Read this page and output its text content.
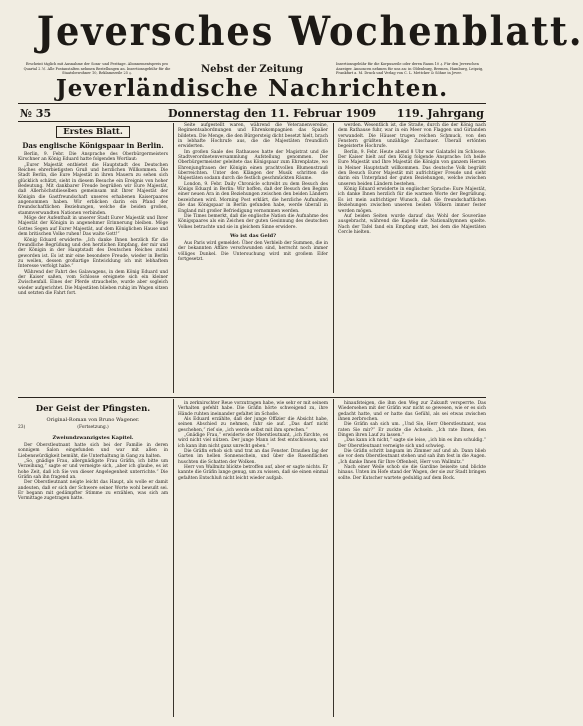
Jeversches Wochenblatt.
Erscheint täglich mit Ausnahme der Sonn- und Festtage. Abonnementspreis pro Quartal 2 ℳ. Alle Postanstalten nehmen Bestellungen an. Insertionsgebühr für die Staatsbewohner 10, Reklamezeile 25 ₰.	Nebst der Zeitung	Insertionsgebühr für die Korpuszeile oder deren Raum 10 ₰. Für den Jeverschen Anzeiger. Annoncen nehmen für uns an: in Oldenburg, Bremen, Hamburg, Leipzig, Frankfurt a. M. Druck und Verlag von C. L. Mettcker & Söhne in Jever.
Jeverländische Nachrichten.
№ 35	Donnerstag den 11. Februar 1909 119. Jahrgang
Erstes Blatt.
Das englische Königspaar in Berlin.

Berlin, 9. Febr. Die Ansprache des Oberbürgermeisters Kirschner an König Eduard hatte folgenden Wortlaut:

„Eurer Majestät entbietet die Hauptstadt des Deutschen Reiches ehrerbietigsten Gruß und herzlichen Willkommen. Die Stadt Berlin, die Eure Majestät in ihren Mauern zu sehen sich glücklich schätzt, sieht in diesem Besuche ein Ereignis von hoher Bedeutung. Mit dankbarer Freude begrüßen wir Eure Majestät, daß Allerhöchstdieselben gemeinsam mit Ihrer Majestät der Königin die Gastfreundschaft unseres erhabenen Kaiserpaares angenommen haben. Wir erblicken darin ein Pfand der freundschaftlichen Beziehungen, welche die beiden großen, stammverwandten Nationen verbinden.

Möge der Aufenthalt in unserer Stadt Eurer Majestät und Ihrer Majestät der Königin in angenehmer Erinnerung bleiben. Möge Gottes Segen auf Eurer Majestät, auf dem Königlichen Hause und dem britischen Volke ruhen! Das walte Gott!“

König Eduard erwiderte: „Ich danke Ihnen herzlich für die freundliche Begrüßung und den herzlichen Empfang, der mir und der Königin in der Hauptstadt des Deutschen Reiches zuteil geworden ist. Es ist mir eine besondere Freude, wieder in Berlin zu weilen, dessen großartige Entwicklung ich mit lebhaftem Interesse verfolgt habe.“

Während der Fahrt des Galawagens, in dem König Eduard und der Kaiser saßen, vom Schlosse ereignete sich ein kleiner Zwischenfall. Eines der Pferde strauchelte, wurde aber sogleich wieder aufgerichtet. Die Majestäten blieben ruhig im Wagen sitzen und setzten die Fahrt fort.

Seite aufgestellt waren, während die Veteranenvereine, Regimentsabordnungen und Ehrenkompagnien das Spalier bildeten. Die Menge, die den Bürgersteig dicht besetzt hielt, brach in lebhafte Hochrufe aus, die die Majestäten freundlich erwiderten.

Im großen Saale des Rathauses hatte der Magistrat und die Stadtverordnetenversammlung Aufstellung genommen. Der Oberbürgermeister geleitete das Königspaar zum Ehrenplatze, wo Ehrenjungfrauen der Königin einen prachtvollen Blumenstrauß überreichten. Unter den Klängen der Musik schritten die Majestäten sodann durch die festlich geschmückten Räume.

London, 9. Febr. Daily Chronicle schreibt zu dem Besuch des Königs Eduard in Berlin: Wir hoffen, daß der Besuch den Beginn einer neuen Ära in den Beziehungen zwischen den beiden Ländern bezeichnen wird. Morning Post erklärt, die herzliche Aufnahme, die das Königspaar in Berlin gefunden habe, werde überall in England mit großer Befriedigung vernommen werden.

Die Times bemerkt, daß die englische Nation die Aufnahme des Königspaares als ein Zeichen der guten Gesinnung des deutschen Volkes betrachte und sie in gleichem Sinne erwidere.

Wo ist das Geld?

Aus Paris wird gemeldet: Über den Verbleib der Summen, die in der bekannten Affäre verschwunden sind, herrscht noch immer völliges Dunkel. Die Untersuchung wird mit großem Eifer fortgesetzt.

werden. Wesentlich ist, die Straße, durch die der König nach dem Rathause fuhr, war in ein Meer von Flaggen und Girlanden verwandelt. Die Häuser trugen reichen Schmuck, von den Fenstern grüßten unzählige Zuschauer. Überall ertönten begeisterte Hochrufe.

Berlin, 9. Febr. Heute abend 8 Uhr war Galatafel im Schlosse. Der Kaiser hielt auf den König folgende Ansprache: Ich heiße Eure Majestät und Ihre Majestät die Königin von ganzem Herzen in Meiner Hauptstadt willkommen. Das deutsche Volk begrüßt den Besuch Eurer Majestät mit aufrichtiger Freude und sieht darin ein Unterpfand der guten Beziehungen, welche zwischen unseren beiden Ländern bestehen.

König Eduard erwiderte in englischer Sprache: Eure Majestät, ich danke Ihnen herzlich für die warmen Worte der Begrüßung. Es ist mein aufrichtiger Wunsch, daß die freundschaftlichen Beziehungen zwischen unseren beiden Völkern immer fester werden mögen.

Auf beiden Seiten wurde darauf das Wohl der Souveräne ausgebracht, während die Kapelle die Nationalhymnen spielte. Nach der Tafel fand ein Empfang statt, bei dem die Majestäten Cercle hielten.

Der Geist der Pfingsten.
Original-Roman von Bruno Wagener.
23)	(Fortsetzung.)
Zweiundzwanzigstes Kapitel.

Der Oberstleutnant hatte sich bei der Familie in deren sonnigem Salon eingefunden und war mit allen in Liebenswürdigkeit bemüht, die Unterhaltung in Gang zu halten.

„So, gnädige Frau, allergnädigste Frau Gräfin, ich bitte um Verzeihung,“ sagte er und verneigte sich, „aber ich glaube, es ist hohe Zeit, daß ich Sie von dieser Angelegenheit unterrichte.“ Die Gräfin sah ihn fragend an.

Der Oberstleutnant neigte leicht das Haupt, als wolle er damit andeuten, daß er sich der Schwere seiner Worte wohl bewußt sei. Er begann mit gedämpfter Stimme zu erzählen, was sich am Vormittage zugetragen hatte.

in zerknirschter Reue vorzutragen habe, wie sehr er mit seinem Verhalten gefehlt habe. Die Gräfin hörte schweigend zu, ihre Hände ruhten ineinander gefaltet im Schoße.

Als Eduard erzählte, daß der junge Offizier die Absicht habe, seinen Abschied zu nehmen, fuhr sie auf. „Das darf nicht geschehen,“ rief sie, „ich werde selbst mit ihm sprechen.“

„Gnädige Frau,“ erwiderte der Oberstleutnant, „ich fürchte, es wird nicht viel nützen. Der junge Mann ist fest entschlossen, und ich kann ihm nicht ganz unrecht geben.“

Die Gräfin erhob sich und trat an das Fenster. Draußen lag der Garten im hellen Sonnenschein, und über die Rasenflächen huschten die Schatten der Wolken.

Herr von Wallmitz blickte betroffen auf, aber er sagte nichts. Er kannte die Gräfin lange genug, um zu wissen, daß sie einen einmal gefaßten Entschluß nicht leicht wieder aufgab.

hinaufsteigen, die ihm den Weg zur Zukunft versperrte. Das Wiedersehen mit der Gräfin war nicht so gewesen, wie er es sich gedacht hatte, und er hatte das Gefühl, als sei etwas zwischen ihnen zerbrochen.

Die Gräfin sah sich um. „Und Sie, Herr Oberstleutnant, was raten Sie mir?“ Er zuckte die Achseln. „Ich rate Ihnen, den Dingen ihren Lauf zu lassen.“

„Das kann ich nicht,“ sagte sie leise, „ich bin es ihm schuldig.“ Der Oberstleutnant verneigte sich und schwieg.

Die Gräfin schritt langsam im Zimmer auf und ab. Dann blieb sie vor dem Oberstleutnant stehen und sah ihm fest in die Augen. „Ich danke Ihnen für Ihre Offenheit, Herr von Wallmitz.“

Nach einer Weile schob sie die Gardine beiseite und blickte hinaus. Unten im Hofe stand der Wagen, der sie zur Stadt bringen sollte. Der Kutscher wartete geduldig auf dem Bock.
